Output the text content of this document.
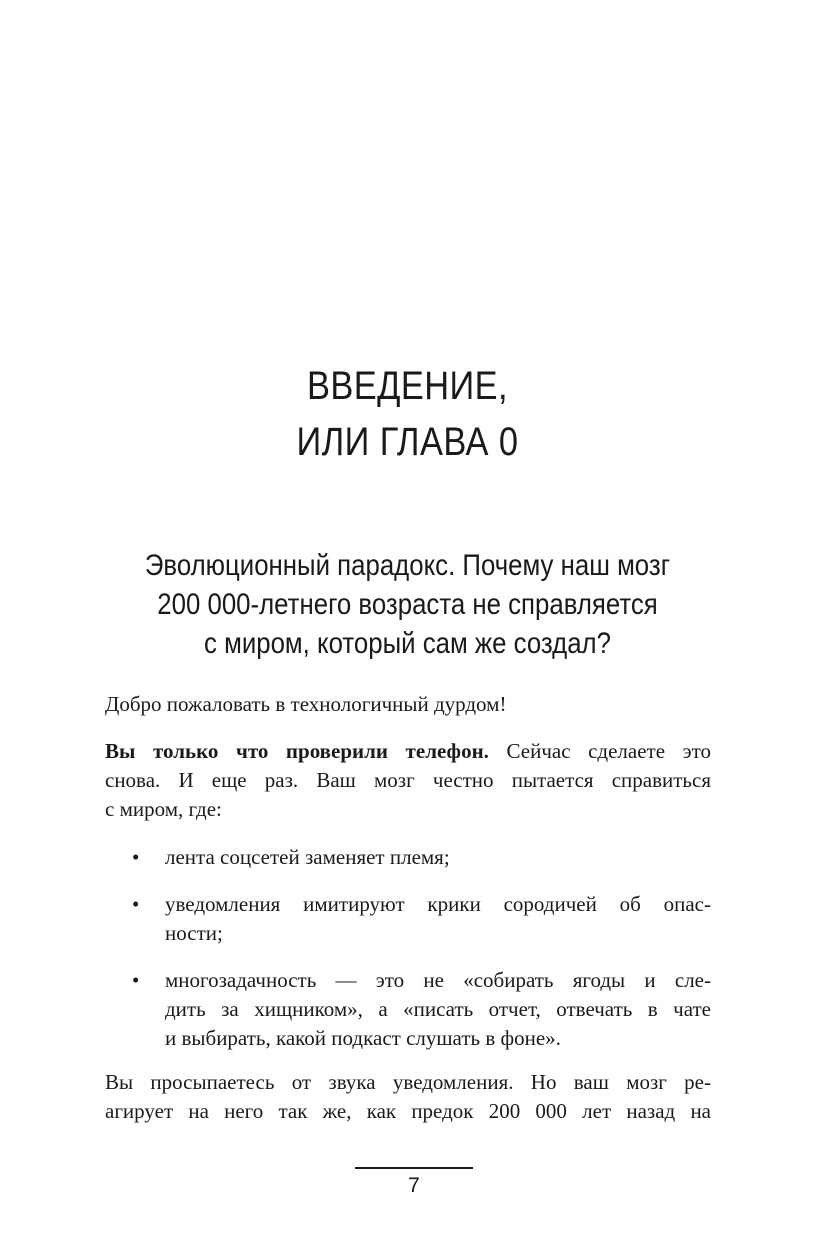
ВВЕДЕНИЕ,
ИЛИ ГЛАВА 0
Эволюционный парадокс. Почему наш мозг
200 000-летнего возраста не справляется
с миром, который сам же создал?
Добро пожаловать в технологичный дурдом!
Вы только что проверили телефон. Сейчас сделаете это
снова. И еще раз. Ваш мозг честно пытается справиться
с миром, где:
• лента соцсетей заменяет племя;
• уведомления имитируют крики сородичей об опас-
ности;
• многозадачность — это не «собирать ягоды и сле-
дить за хищником», а «писать отчет, отвечать в чате
и выбирать, какой подкаст слушать в фоне».
Вы просыпаетесь от звука уведомления. Но ваш мозг ре-
агирует на него так же, как предок 200 000 лет назад на
7
